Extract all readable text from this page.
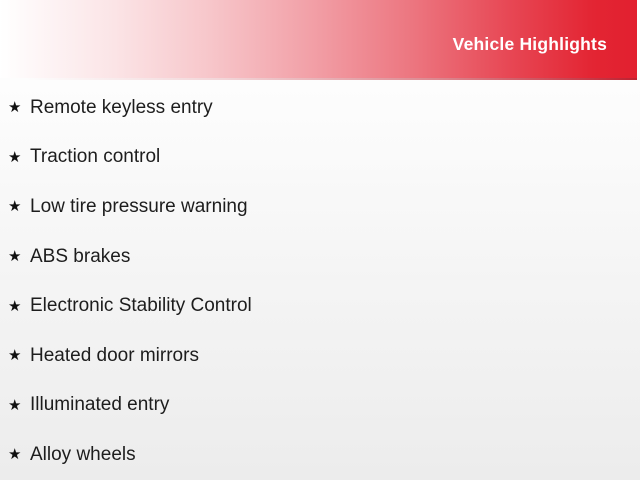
Vehicle Highlights
★ Remote keyless entry
★ Traction control
★ Low tire pressure warning
★ ABS brakes
★ Electronic Stability Control
★ Heated door mirrors
★ Illuminated entry
★ Alloy wheels
